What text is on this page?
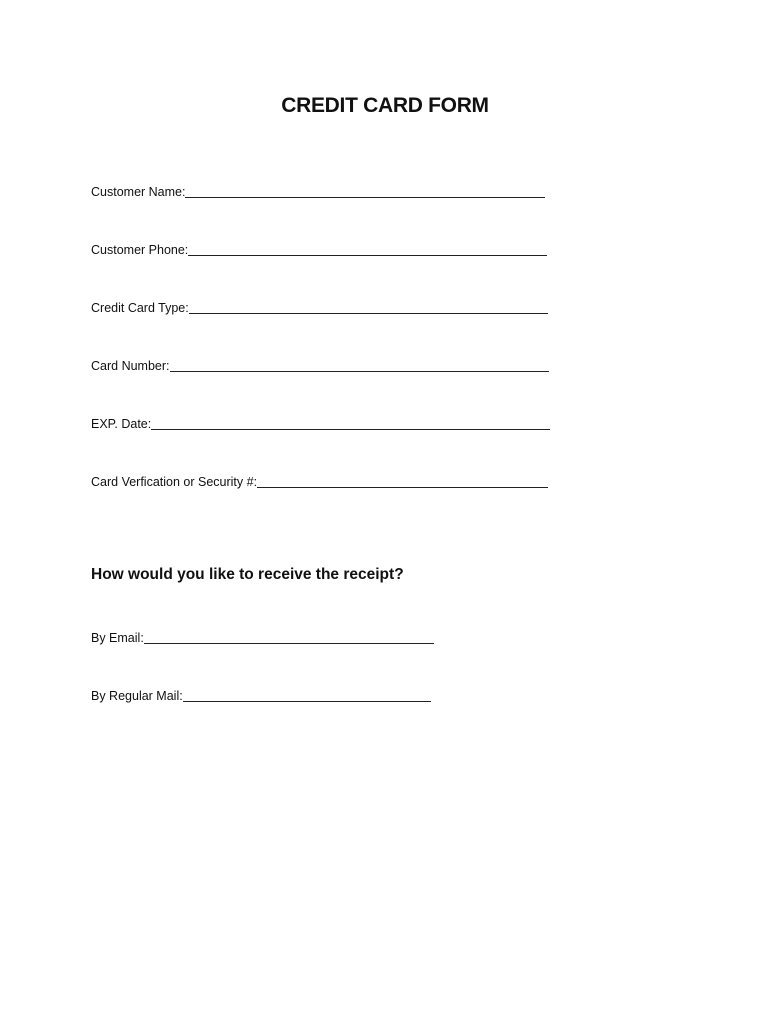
CREDIT CARD FORM
Customer Name:
Customer Phone:
Credit Card Type:
Card Number:
EXP. Date:
Card Verfication or Security #:
How would you like to receive the receipt?
By Email:
By Regular Mail:
